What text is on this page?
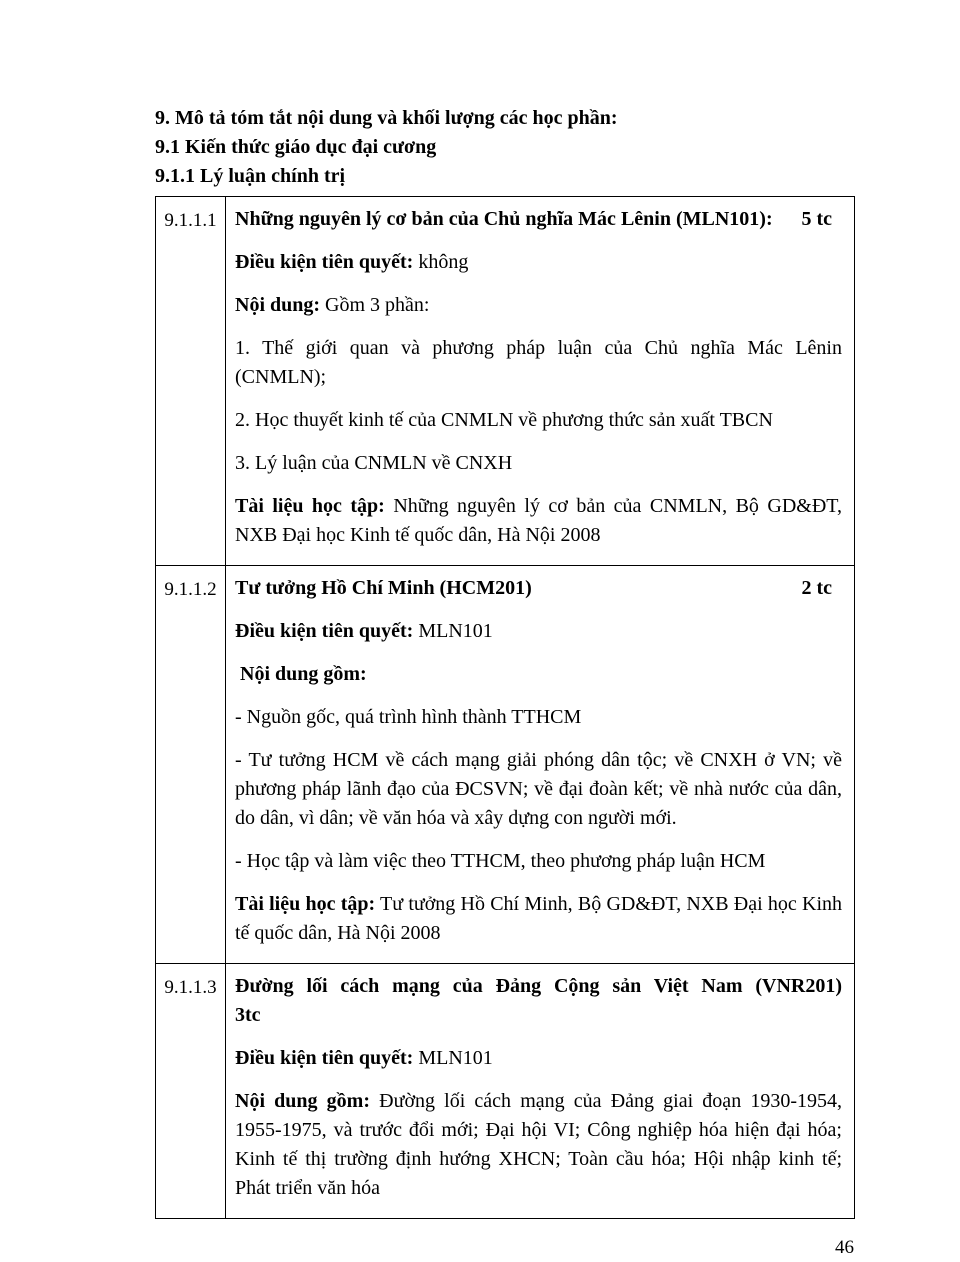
9. Mô tả tóm tắt nội dung và khối lượng các học phần:

9.1 Kiến thức giáo dục đại cương

9.1.1 Lý luận chính trị

9.1.1.1	Những nguyên lý cơ bản của Chủ nghĩa Mác Lênin (MLN101): 5 tc

Điều kiện tiên quyết: không

Nội dung: Gồm 3 phần:

1. Thế giới quan và phương pháp luận của Chủ nghĩa Mác Lênin (CNMLN);

2. Học thuyết kinh tế của CNMLN về phương thức sản xuất TBCN

3. Lý luận của CNMLN về CNXH

Tài liệu học tập: Những nguyên lý cơ bản của CNMLN, Bộ GD&ĐT, NXB Đại học Kinh tế quốc dân, Hà Nội 2008

9.1.1.2	Tư tưởng Hồ Chí Minh (HCM201)	2 tc

Điều kiện tiên quyết: MLN101

Nội dung gồm:

- Nguồn gốc, quá trình hình thành TTHCM

- Tư tưởng HCM về cách mạng giải phóng dân tộc; về CNXH ở VN; về phương pháp lãnh đạo của ĐCSVN; về đại đoàn kết; về nhà nước của dân, do dân, vì dân; về văn hóa và xây dựng con người mới.

- Học tập và làm việc theo TTHCM, theo phương pháp luận HCM

Tài liệu học tập: Tư tưởng Hồ Chí Minh, Bộ GD&ĐT, NXB Đại học Kinh tế quốc dân, Hà Nội 2008

9.1.1.3	Đường lối cách mạng của Đảng Cộng sản Việt Nam (VNR201)
3tc

Điều kiện tiên quyết: MLN101

Nội dung gồm: Đường lối cách mạng của Đảng giai đoạn 1930-1954, 1955-1975, và trước đổi mới; Đại hội VI; Công nghiệp hóa hiện đại hóa; Kinh tế thị trường định hướng XHCN; Toàn cầu hóa; Hội nhập kinh tế; Phát triển văn hóa

46
